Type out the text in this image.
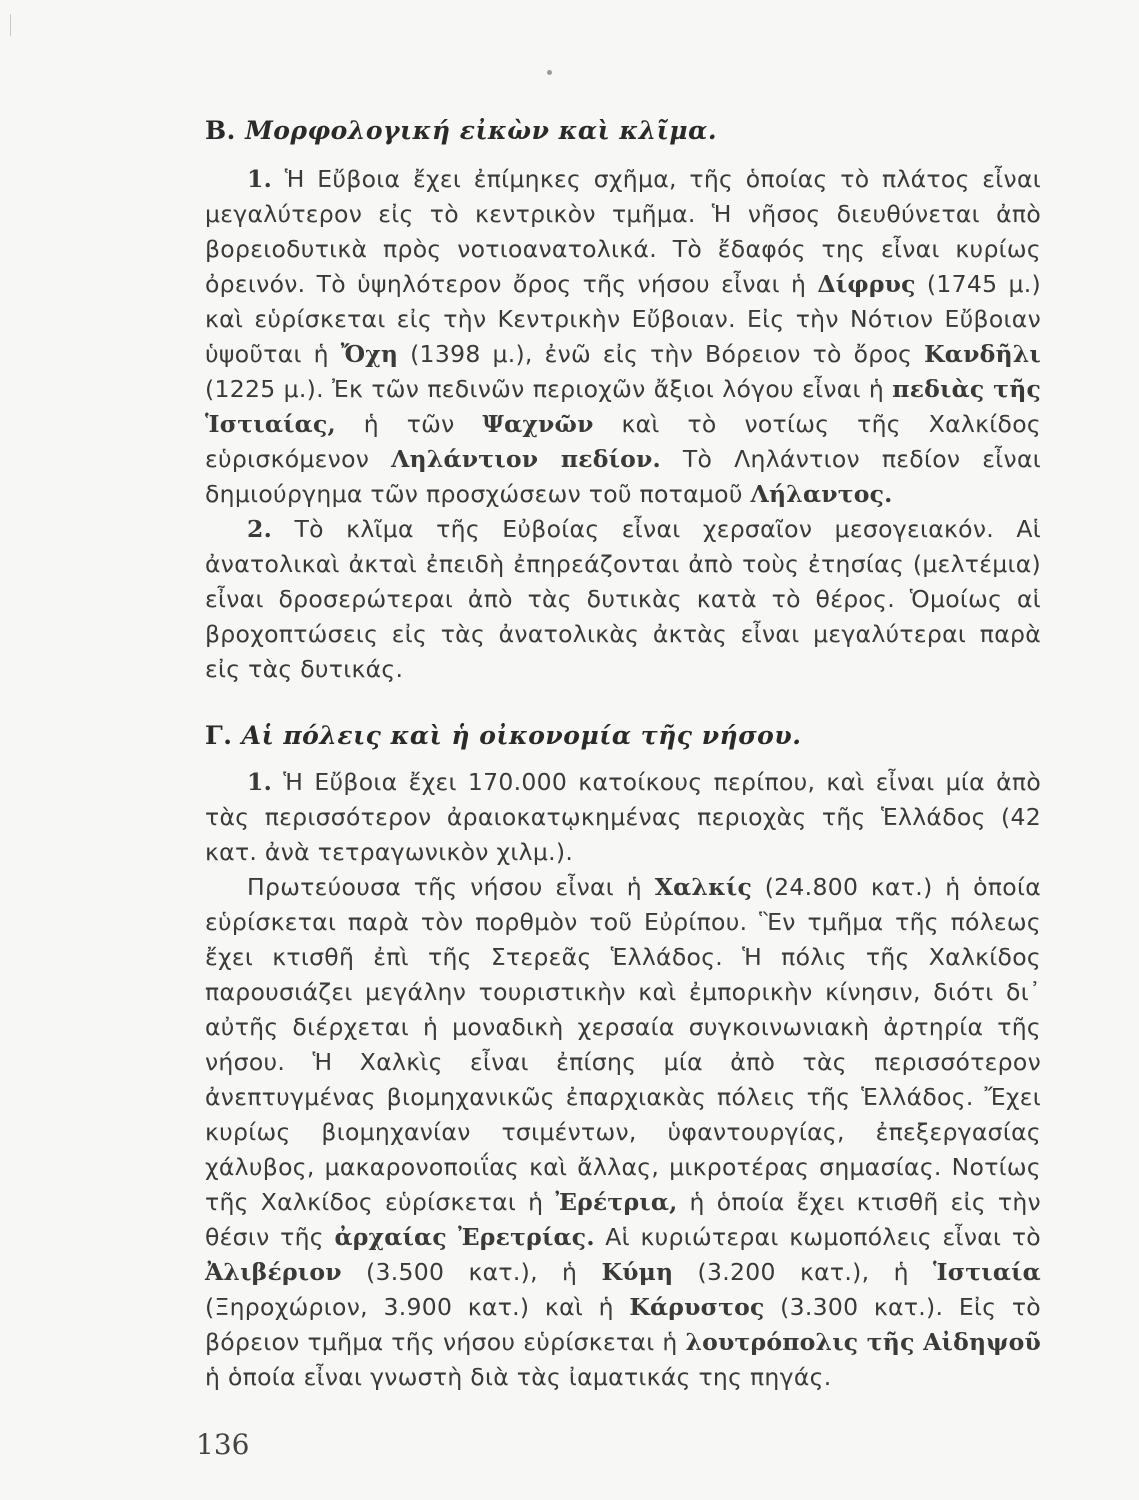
Β. Μορφολογική εἰκὼν καὶ κλῖμα.

1. Ἡ Εὔβοια ἔχει ἐπίμηκες σχῆμα, τῆς ὁποίας τὸ πλάτος εἶναι μεγαλύτερον εἰς τὸ κεντρικὸν τμῆμα. Ἡ νῆσος διευθύνεται ἀπὸ βορειοδυτικὰ πρὸς νοτιοανατολικά. Τὸ ἔδαφός της εἶναι κυρίως ὀρεινόν. Τὸ ὑψηλότερον ὄρος τῆς νήσου εἶναι ἡ Δίφρυς (1745 μ.) καὶ εὑρίσκεται εἰς τὴν Κεντρικὴν Εὔβοιαν. Εἰς τὴν Νότιον Εὔβοιαν ὑψοῦται ἡ Ὄχη (1398 μ.), ἐνῶ εἰς τὴν Βόρειον τὸ ὄρος Κανδῆλι (1225 μ.). Ἐκ τῶν πεδινῶν περιοχῶν ἄξιοι λόγου εἶναι ἡ πεδιὰς τῆς Ἱστιαίας, ἡ τῶν Ψαχνῶν καὶ τὸ νοτίως τῆς Χαλκίδος εὑρισκόμενον Ληλάντιον πεδίον. Τὸ Ληλάντιον πεδίον εἶναι δημιούργημα τῶν προσχώσεων τοῦ ποταμοῦ Λήλαντος.

2. Τὸ κλῖμα τῆς Εὐβοίας εἶναι χερσαῖον μεσογειακόν. Αἱ ἀνατολικαὶ ἀκταὶ ἐπειδὴ ἐπηρεάζονται ἀπὸ τοὺς ἐτησίας (μελτέμια) εἶναι δροσερώτεραι ἀπὸ τὰς δυτικὰς κατὰ τὸ θέρος. Ὁμοίως αἱ βροχοπτώσεις εἰς τὰς ἀνατολικὰς ἀκτὰς εἶναι μεγαλύτεραι παρὰ εἰς τὰς δυτικάς.

Γ. Αἱ πόλεις καὶ ἡ οἰκονομία τῆς νήσου.

1. Ἡ Εὔβοια ἔχει 170.000 κατοίκους περίπου, καὶ εἶναι μία ἀπὸ τὰς περισσότερον ἀραιοκατῳκημένας περιοχὰς τῆς Ἑλλάδος (42 κατ. ἀνὰ τετραγωνικὸν χιλμ.).

Πρωτεύουσα τῆς νήσου εἶναι ἡ Χαλκίς (24.800 κατ.) ἡ ὁποία εὑρίσκεται παρὰ τὸν πορθμὸν τοῦ Εὐρίπου. Ἓν τμῆμα τῆς πόλεως ἔχει κτισθῆ ἐπὶ τῆς Στερεᾶς Ἑλλάδος. Ἡ πόλις τῆς Χαλκίδος παρουσιάζει μεγάλην τουριστικὴν καὶ ἐμπορικὴν κίνησιν, διότι δι᾿ αὐτῆς διέρχεται ἡ μοναδικὴ χερσαία συγκοινωνιακὴ ἀρτηρία τῆς νήσου. Ἡ Χαλκὶς εἶναι ἐπίσης μία ἀπὸ τὰς περισσότερον ἀνεπτυγμένας βιομηχανικῶς ἐπαρχιακὰς πόλεις τῆς Ἑλλάδος. Ἔχει κυρίως βιομηχανίαν τσιμέντων, ὑφαντουργίας, ἐπεξεργασίας χάλυβος, μακαρονοποιΐας καὶ ἄλλας, μικροτέρας σημασίας. Νοτίως τῆς Χαλκίδος εὑρίσκεται ἡ Ἐρέτρια, ἡ ὁποία ἔχει κτισθῆ εἰς τὴν θέσιν τῆς ἀρχαίας Ἐρετρίας. Αἱ κυριώτεραι κωμοπόλεις εἶναι τὸ Ἀλιβέριον (3.500 κατ.), ἡ Κύμη (3.200 κατ.), ἡ Ἱστιαία (Ξηροχώριον, 3.900 κατ.) καὶ ἡ Κάρυστος (3.300 κατ.). Εἰς τὸ βόρειον τμῆμα τῆς νήσου εὑρίσκεται ἡ λουτρόπολις τῆς Αἰδηψοῦ ἡ ὁποία εἶναι γνωστὴ διὰ τὰς ἰαματικάς της πηγάς.

136
